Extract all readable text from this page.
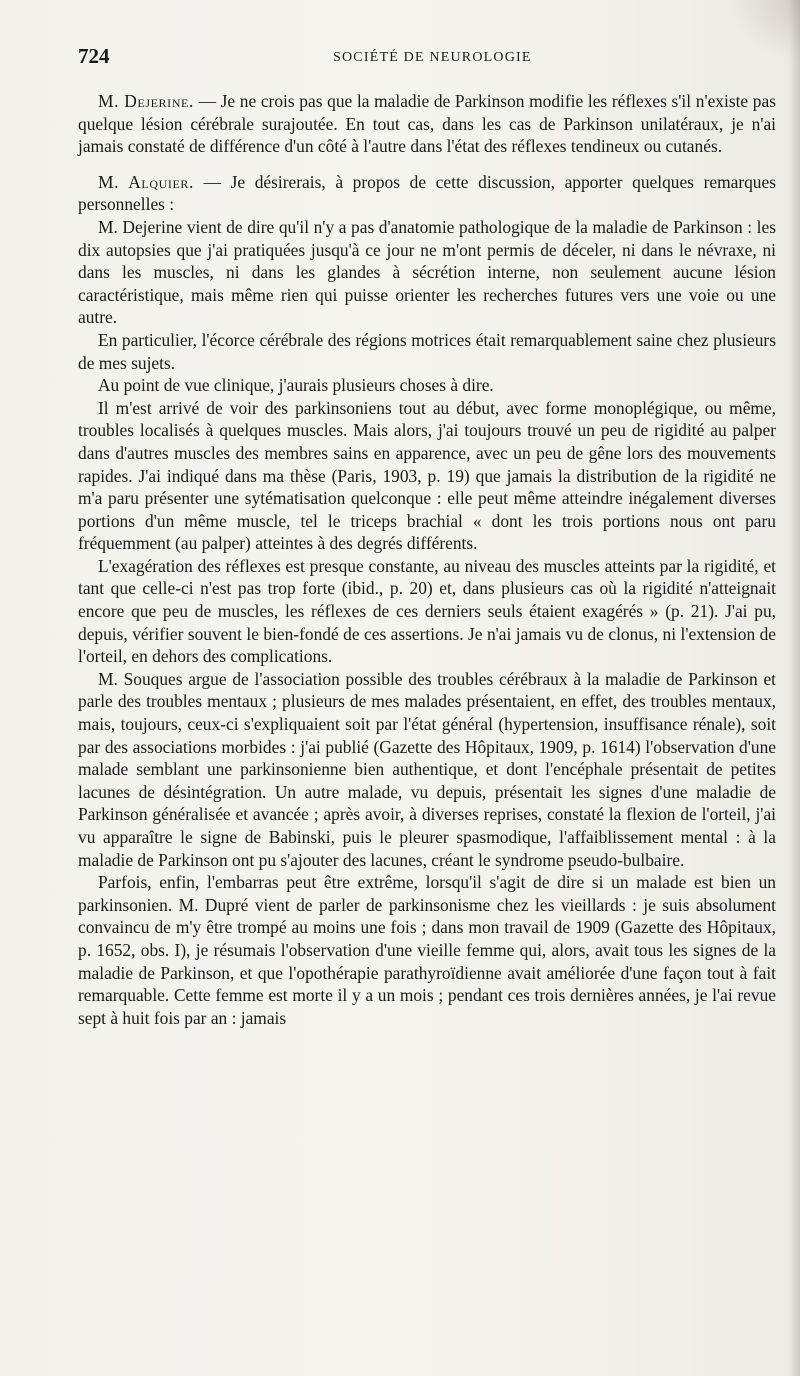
724	SOCIÉTÉ DE NEUROLOGIE

M. Dejerine. — Je ne crois pas que la maladie de Parkinson modifie les réflexes s'il n'existe pas quelque lésion cérébrale surajoutée. En tout cas, dans les cas de Parkinson unilatéraux, je n'ai jamais constaté de différence d'un côté à l'autre dans l'état des réflexes tendineux ou cutanés.

M. Alquier. — Je désirerais, à propos de cette discussion, apporter quelques remarques personnelles :

M. Dejerine vient de dire qu'il n'y a pas d'anatomie pathologique de la maladie de Parkinson : les dix autopsies que j'ai pratiquées jusqu'à ce jour ne m'ont permis de déceler, ni dans le névraxe, ni dans les muscles, ni dans les glandes à sécrétion interne, non seulement aucune lésion caractéristique, mais même rien qui puisse orienter les recherches futures vers une voie ou une autre.

En particulier, l'écorce cérébrale des régions motrices était remarquablement saine chez plusieurs de mes sujets.

Au point de vue clinique, j'aurais plusieurs choses à dire.

Il m'est arrivé de voir des parkinsoniens tout au début, avec forme monoplégique, ou même, troubles localisés à quelques muscles. Mais alors, j'ai toujours trouvé un peu de rigidité au palper dans d'autres muscles des membres sains en apparence, avec un peu de gêne lors des mouvements rapides. J'ai indiqué dans ma thèse (Paris, 1903, p. 19) que jamais la distribution de la rigidité ne m'a paru présenter une sytématisation quelconque : elle peut même atteindre inégalement diverses portions d'un même muscle, tel le triceps brachial « dont les trois portions nous ont paru fréquemment (au palper) atteintes à des degrés différents.

L'exagération des réflexes est presque constante, au niveau des muscles atteints par la rigidité, et tant que celle-ci n'est pas trop forte (ibid., p. 20) et, dans plusieurs cas où la rigidité n'atteignait encore que peu de muscles, les réflexes de ces derniers seuls étaient exagérés » (p. 21). J'ai pu, depuis, vérifier souvent le bien-fondé de ces assertions. Je n'ai jamais vu de clonus, ni l'extension de l'orteil, en dehors des complications.

M. Souques argue de l'association possible des troubles cérébraux à la maladie de Parkinson et parle des troubles mentaux ; plusieurs de mes malades présentaient, en effet, des troubles mentaux, mais, toujours, ceux-ci s'expliquaient soit par l'état général (hypertension, insuffisance rénale), soit par des associations morbides : j'ai publié (Gazette des Hôpitaux, 1909, p. 1614) l'observation d'une malade semblant une parkinsonienne bien authentique, et dont l'encéphale présentait de petites lacunes de désintégration. Un autre malade, vu depuis, présentait les signes d'une maladie de Parkinson généralisée et avancée ; après avoir, à diverses reprises, constaté la flexion de l'orteil, j'ai vu apparaître le signe de Babinski, puis le pleurer spasmodique, l'affaiblissement mental : à la maladie de Parkinson ont pu s'ajouter des lacunes, créant le syndrome pseudo-bulbaire.

Parfois, enfin, l'embarras peut être extrême, lorsqu'il s'agit de dire si un malade est bien un parkinsonien. M. Dupré vient de parler de parkinsonisme chez les vieillards : je suis absolument convaincu de m'y être trompé au moins une fois ; dans mon travail de 1909 (Gazette des Hôpitaux, p. 1652, obs. I), je résumais l'observation d'une vieille femme qui, alors, avait tous les signes de la maladie de Parkinson, et que l'opothérapie parathyroïdienne avait améliorée d'une façon tout à fait remarquable. Cette femme est morte il y a un mois ; pendant ces trois dernières années, je l'ai revue sept à huit fois par an : jamais
